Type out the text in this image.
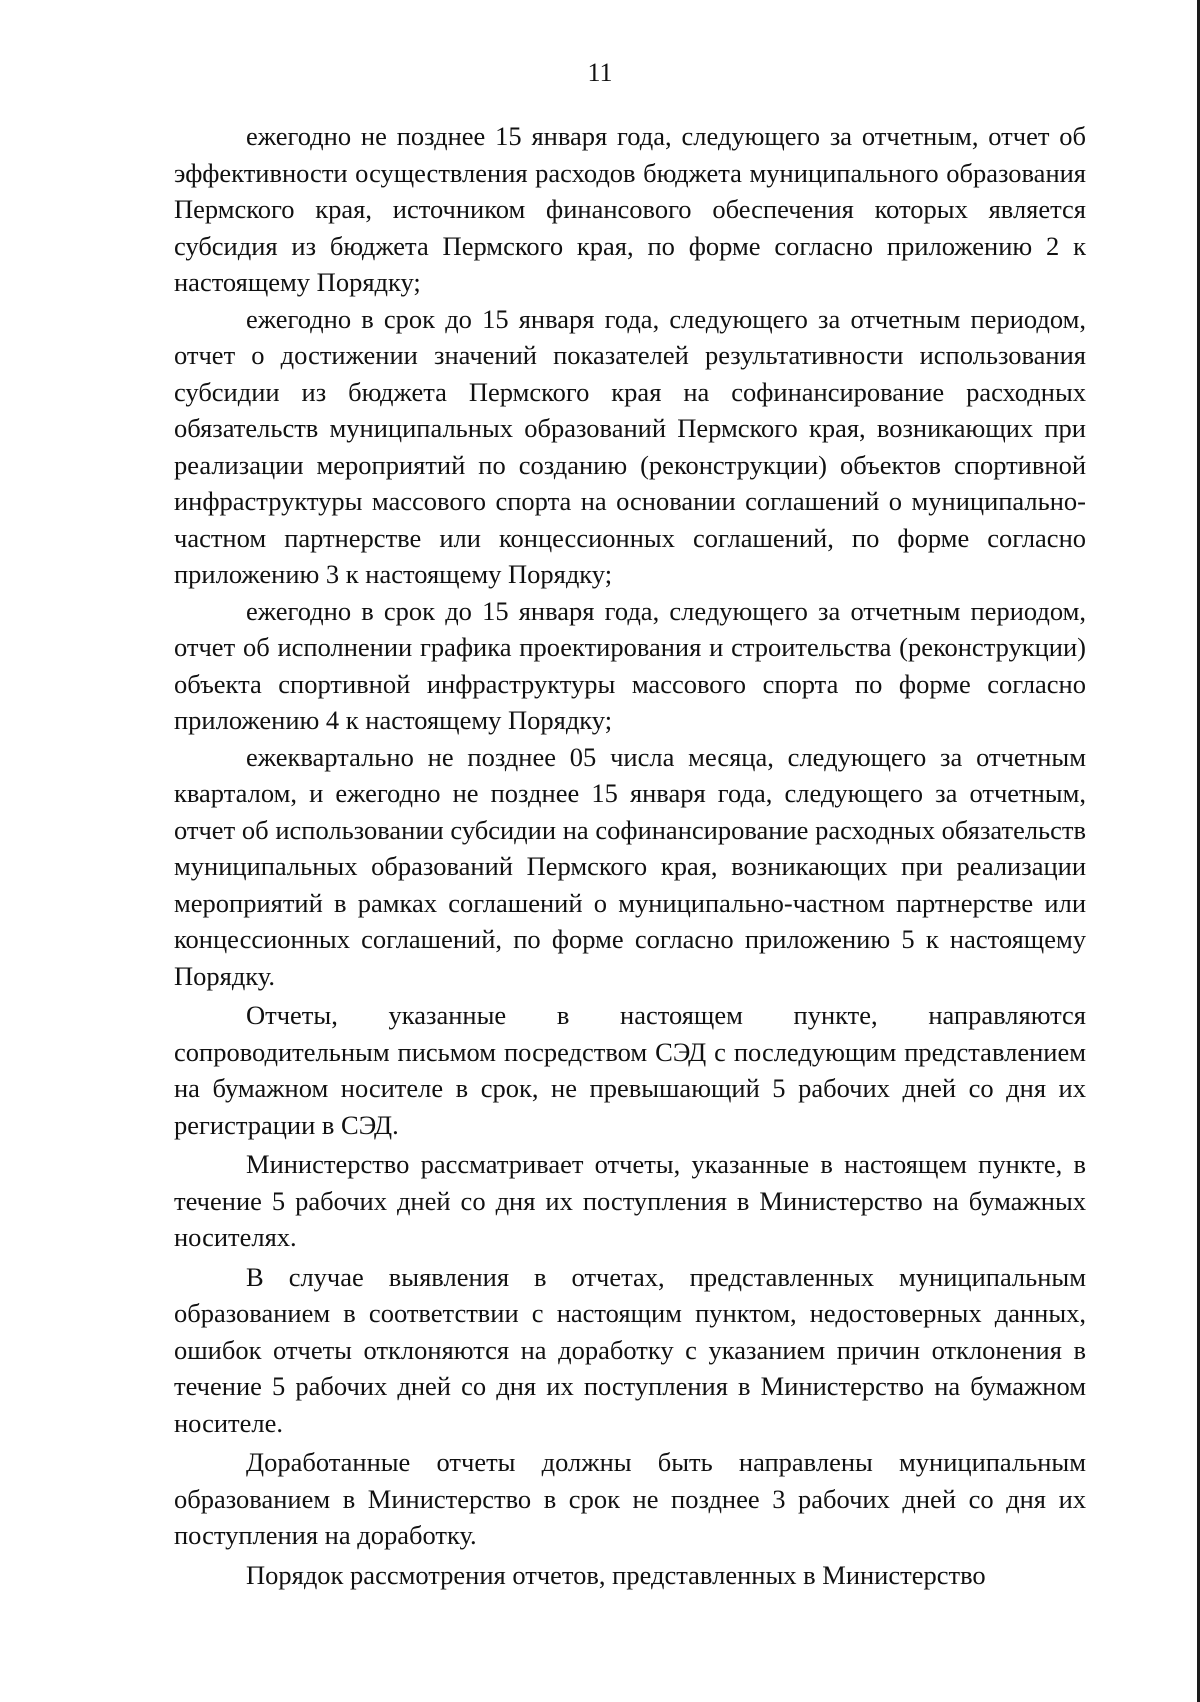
11

ежегодно не позднее 15 января года, следующего за отчетным, отчет об эффективности осуществления расходов бюджета муниципального образования Пермского края, источником финансового обеспечения которых является субсидия из бюджета Пермского края, по форме согласно приложению 2 к настоящему Порядку;

ежегодно в срок до 15 января года, следующего за отчетным периодом, отчет о достижении значений показателей результативности использования субсидии из бюджета Пермского края на софинансирование расходных обязательств муниципальных образований Пермского края, возникающих при реализации мероприятий по созданию (реконструкции) объектов спортивной инфраструктуры массового спорта на основании соглашений о муниципально-частном партнерстве или концессионных соглашений, по форме согласно приложению 3 к настоящему Порядку;

ежегодно в срок до 15 января года, следующего за отчетным периодом, отчет об исполнении графика проектирования и строительства (реконструкции) объекта спортивной инфраструктуры массового спорта по форме согласно приложению 4 к настоящему Порядку;

ежеквартально не позднее 05 числа месяца, следующего за отчетным кварталом, и ежегодно не позднее 15 января года, следующего за отчетным, отчет об использовании субсидии на софинансирование расходных обязательств муниципальных образований Пермского края, возникающих при реализации мероприятий в рамках соглашений о муниципально-частном партнерстве или концессионных соглашений, по форме согласно приложению 5 к настоящему Порядку.

Отчеты, указанные в настоящем пункте, направляются сопроводительным письмом посредством СЭД с последующим представлением на бумажном носителе в срок, не превышающий 5 рабочих дней со дня их регистрации в СЭД.

Министерство рассматривает отчеты, указанные в настоящем пункте, в течение 5 рабочих дней со дня их поступления в Министерство на бумажных носителях.

В случае выявления в отчетах, представленных муниципальным образованием в соответствии с настоящим пунктом, недостоверных данных, ошибок отчеты отклоняются на доработку с указанием причин отклонения в течение 5 рабочих дней со дня их поступления в Министерство на бумажном носителе.

Доработанные отчеты должны быть направлены муниципальным образованием в Министерство в срок не позднее 3 рабочих дней со дня их поступления на доработку.

Порядок рассмотрения отчетов, представленных в Министерство
